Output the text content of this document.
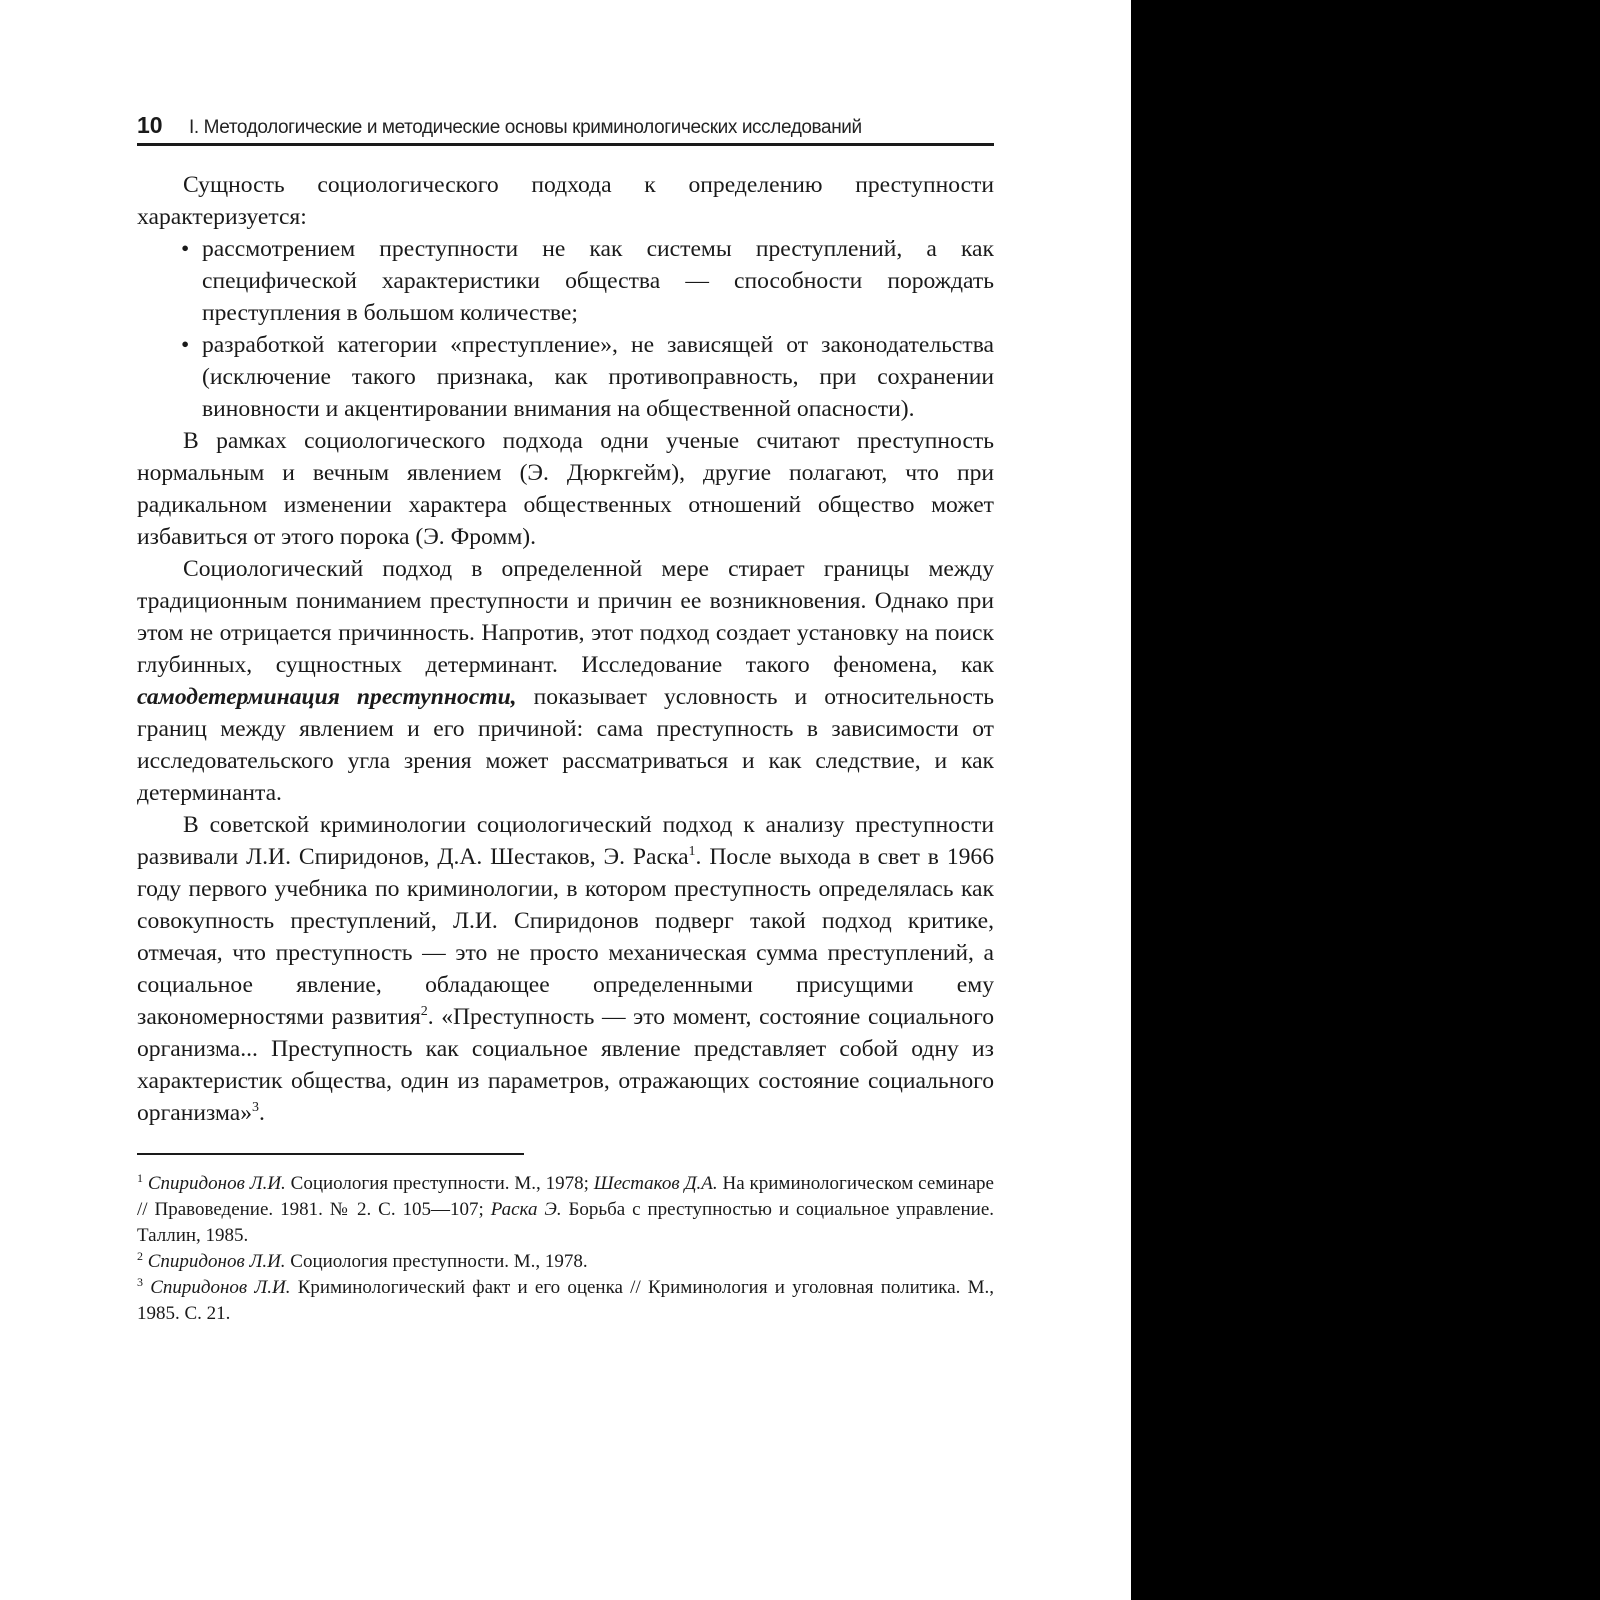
10	I. Методологические и методические основы криминологических исследований

Сущность социологического подхода к определению преступности характеризуется:

• рассмотрением преступности не как системы преступлений, а как специфической характеристики общества — способности порождать преступления в большом количестве;
• разработкой категории «преступление», не зависящей от законодательства (исключение такого признака, как противоправность, при сохранении виновности и акцентировании внимания на общественной опасности).

В рамках социологического подхода одни ученые считают преступность нормальным и вечным явлением (Э. Дюркгейм), другие полагают, что при радикальном изменении характера общественных отношений общество может избавиться от этого порока (Э. Фромм).

Социологический подход в определенной мере стирает границы между традиционным пониманием преступности и причин ее возникновения. Однако при этом не отрицается причинность. Напротив, этот подход создает установку на поиск глубинных, сущностных детерминант. Исследование такого феномена, как самодетерминация преступности, показывает условность и относительность границ между явлением и его причиной: сама преступность в зависимости от исследовательского угла зрения может рассматриваться и как следствие, и как детерминанта.

В советской криминологии социологический подход к анализу преступности развивали Л.И. Спиридонов, Д.А. Шестаков, Э. Раска$^1$. После выхода в свет в 1966 году первого учебника по криминологии, в котором преступность определялась как совокупность преступлений, Л.И. Спиридонов подверг такой подход критике, отмечая, что преступность — это не просто механическая сумма преступлений, а социальное явление, обладающее определенными присущими ему закономерностями развития$^2$. «Преступность — это момент, состояние социального организма... Преступность как социальное явление представляет собой одну из характеристик общества, один из параметров, отражающих состояние социального организма»$^3$.

$^1$ Спиридонов Л.И. Социология преступности. М., 1978; Шестаков Д.А. На криминологическом семинаре // Правоведение. 1981. № 2. С. 105—107; Раска Э. Борьба с преступностью и социальное управление. Таллин, 1985.

$^2$ Спиридонов Л.И. Социология преступности. М., 1978.

$^3$ Спиридонов Л.И. Криминологический факт и его оценка // Криминология и уголовная политика. М., 1985. С. 21.
